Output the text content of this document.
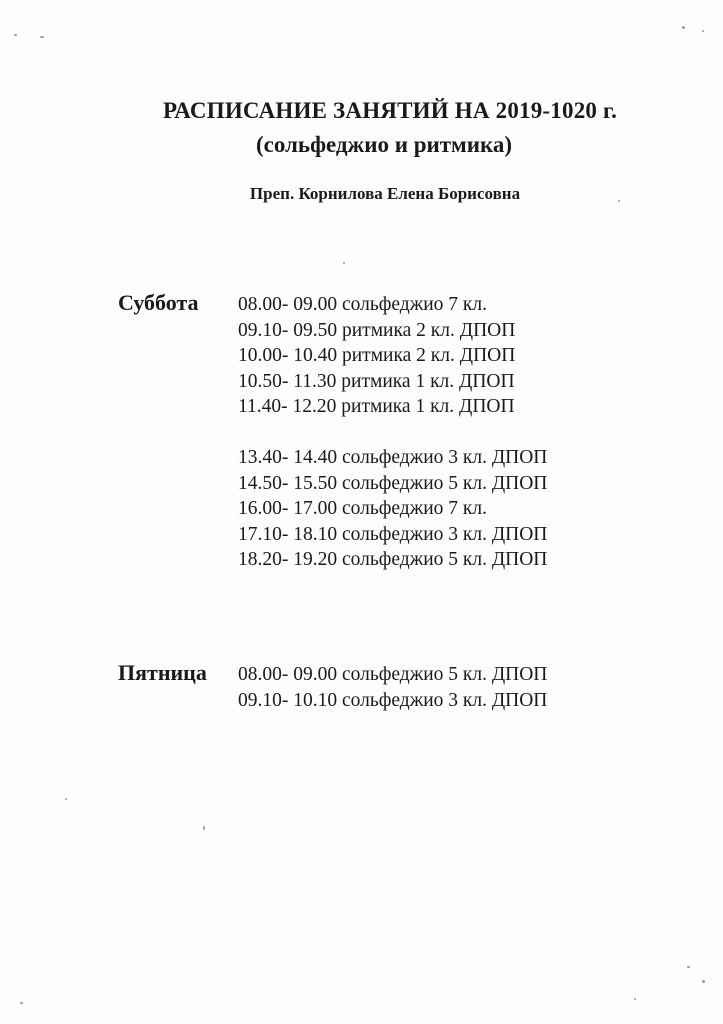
РАСПИСАНИЕ ЗАНЯТИЙ НА 2019-1020 г.
(сольфеджио и ритмика)

Преп. Корнилова Елена Борисовна

Суббота 08.00- 09.00 сольфеджио 7 кл.
09.10- 09.50 ритмика 2 кл. ДПОП
10.00- 10.40 ритмика 2 кл. ДПОП
10.50- 11.30 ритмика 1 кл. ДПОП
11.40- 12.20 ритмика 1 кл. ДПОП
13.40- 14.40 сольфеджио 3 кл. ДПОП
14.50- 15.50 сольфеджио 5 кл. ДПОП
16.00- 17.00 сольфеджио 7 кл.
17.10- 18.10 сольфеджио 3 кл. ДПОП
18.20- 19.20 сольфеджио 5 кл. ДПОП
Пятница 08.00- 09.00 сольфеджио 5 кл. ДПОП
09.10- 10.10 сольфеджио 3 кл. ДПОП
